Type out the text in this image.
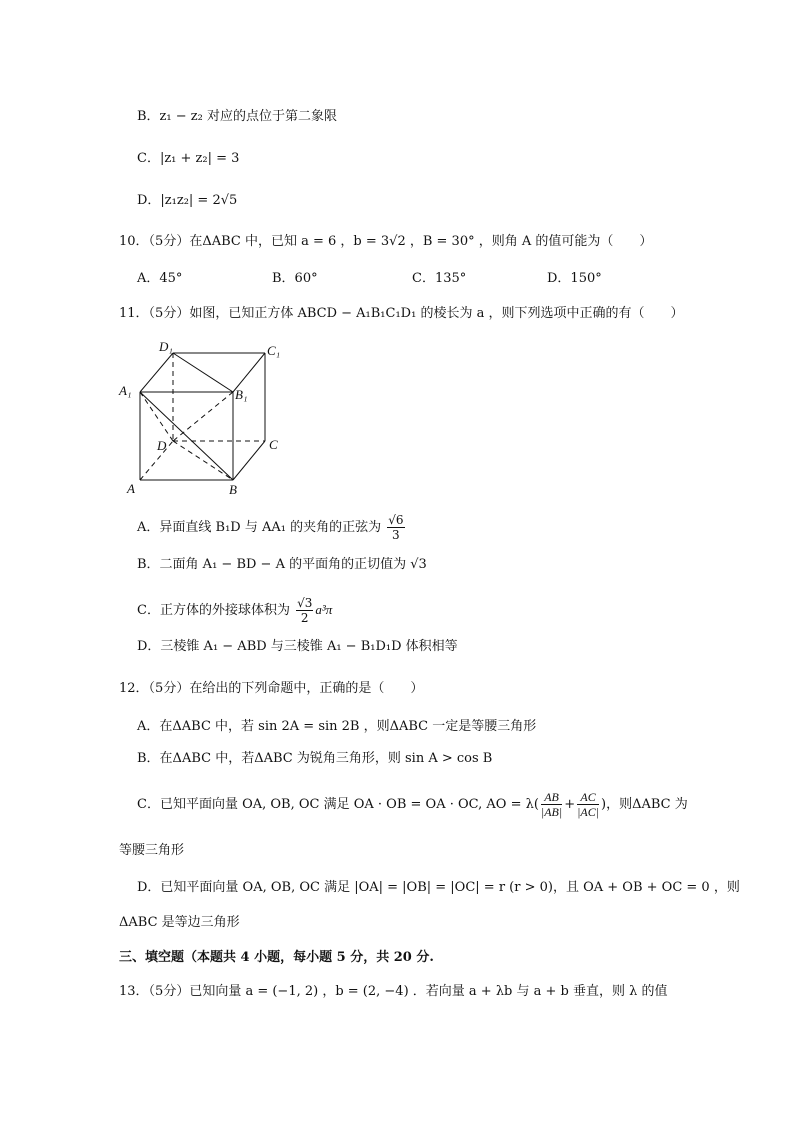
B．z₁ − z₂ 对应的点位于第二象限
C．|z₁ + z₂| = 3
D．|z₁z₂| = 2√5
10．（5分）在ΔABC 中，已知 a = 6 ，b = 3√2 ，B = 30° ，则角 A 的值可能为（　　）
A．45°	B．60°	C．135°	D．150°
11．（5分）如图，已知正方体 ABCD − A₁B₁C₁D₁ 的棱长为 a ，则下列选项中正确的有（　　）
D₁	C₁
A₁	B₁
D	C
A	B
A．异面直线 B₁D 与 AA₁ 的夹角的正弦为 $\frac{√6}{3}$
B．二面角 A₁ − BD − A 的平面角的正切值为 √3
C．正方体的外接球体积为 $\frac{√3}{2} a^3\pi$
D．三棱锥 A₁ − ABD 与三棱锥 A₁ − B₁D₁D 体积相等
12．（5分）在给出的下列命题中，正确的是（　　）
A．在ΔABC 中，若 sin 2A = sin 2B ，则ΔABC 一定是等腰三角形
B．在ΔABC 中，若ΔABC 为锐角三角形，则 sin A > cos B
C．已知平面向量 OA, OB, OC 满足 OA · OB = OA · OC, AO = $\lambda( \frac{AB}{|AB|} + \frac{AC}{|AC|}$ )，则ΔABC 为
等腰三角形
D．已知平面向量 OA, OB, OC 满足 |OA| = |OB| = |OC| = r (r > 0)，且 OA + OB + OC = 0 ，则
ΔABC 是等边三角形
三、填空题（本题共 4 小题，每小题 5 分，共 20 分.
13．（5分）已知向量 a = (−1, 2) ，b = (2, −4) ．若向量 a + λb 与 a + b 垂直，则 λ 的值
